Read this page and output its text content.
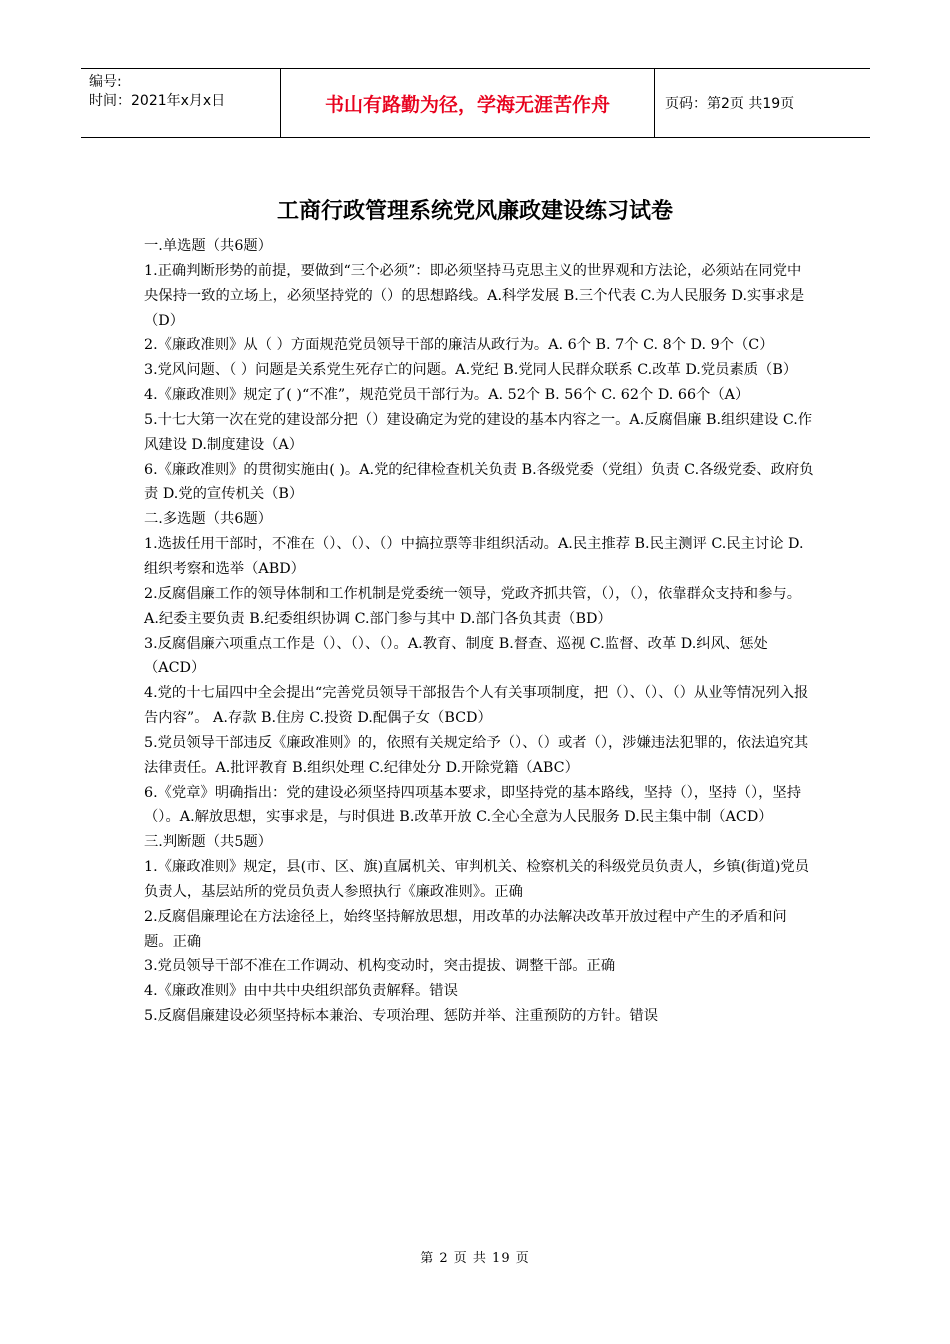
编号:
时间：2021年x月x日	书山有路勤为径，学海无涯苦作舟	页码：第2页 共19页
工商行政管理系统党风廉政建设练习试卷

一.单选题（共6题）

1.正确判断形势的前提，要做到“三个必须”：即必须坚持马克思主义的世界观和方法论，必须站在同党中央保持一致的立场上，必须坚持党的（）的思想路线。A.科学发展 B.三个代表 C.为人民服务 D.实事求是（D）

2.《廉政准则》从（ ）方面规范党员领导干部的廉洁从政行为。A. 6个 B. 7个 C. 8个 D. 9个（C）

3.党风问题、（ ）问题是关系党生死存亡的问题。A.党纪 B.党同人民群众联系 C.改革 D.党员素质（B）

4.《廉政准则》规定了( )“不准”，规范党员干部行为。A. 52个 B. 56个 C. 62个 D. 66个（A）

5.十七大第一次在党的建设部分把（）建设确定为党的建设的基本内容之一。A.反腐倡廉 B.组织建设 C.作风建设 D.制度建设（A）

6.《廉政准则》的贯彻实施由( )。A.党的纪律检查机关负责 B.各级党委（党组）负责 C.各级党委、政府负责 D.党的宣传机关（B）

二.多选题（共6题）

1.选拔任用干部时，不准在（）、（）、（）中搞拉票等非组织活动。A.民主推荐 B.民主测评 C.民主讨论 D.组织考察和选举（ABD）

2.反腐倡廉工作的领导体制和工作机制是党委统一领导，党政齐抓共管，（），（），依靠群众支持和参与。A.纪委主要负责 B.纪委组织协调 C.部门参与其中 D.部门各负其责（BD）

3.反腐倡廉六项重点工作是（）、（）、（）。A.教育、制度 B.督查、巡视 C.监督、改革 D.纠风、惩处（ACD）

4.党的十七届四中全会提出“完善党员领导干部报告个人有关事项制度，把（）、（）、（）从业等情况列入报告内容”。 A.存款 B.住房 C.投资 D.配偶子女（BCD）

5.党员领导干部违反《廉政准则》的，依照有关规定给予（）、（）或者（），涉嫌违法犯罪的，依法追究其法律责任。A.批评教育 B.组织处理 C.纪律处分 D.开除党籍（ABC）

6.《党章》明确指出：党的建设必须坚持四项基本要求，即坚持党的基本路线，坚持（），坚持（），坚持（）。A.解放思想，实事求是，与时俱进 B.改革开放 C.全心全意为人民服务 D.民主集中制（ACD）

三.判断题（共5题）

1.《廉政准则》规定，县(市、区、旗)直属机关、审判机关、检察机关的科级党员负责人，乡镇(街道)党员负责人，基层站所的党员负责人参照执行《廉政准则》。正确

2.反腐倡廉理论在方法途径上，始终坚持解放思想，用改革的办法解决改革开放过程中产生的矛盾和问题。正确

3.党员领导干部不准在工作调动、机构变动时，突击提拔、调整干部。正确

4.《廉政准则》由中共中央组织部负责解释。错误

5.反腐倡廉建设必须坚持标本兼治、专项治理、惩防并举、注重预防的方针。错误

第 2 页 共 19 页
